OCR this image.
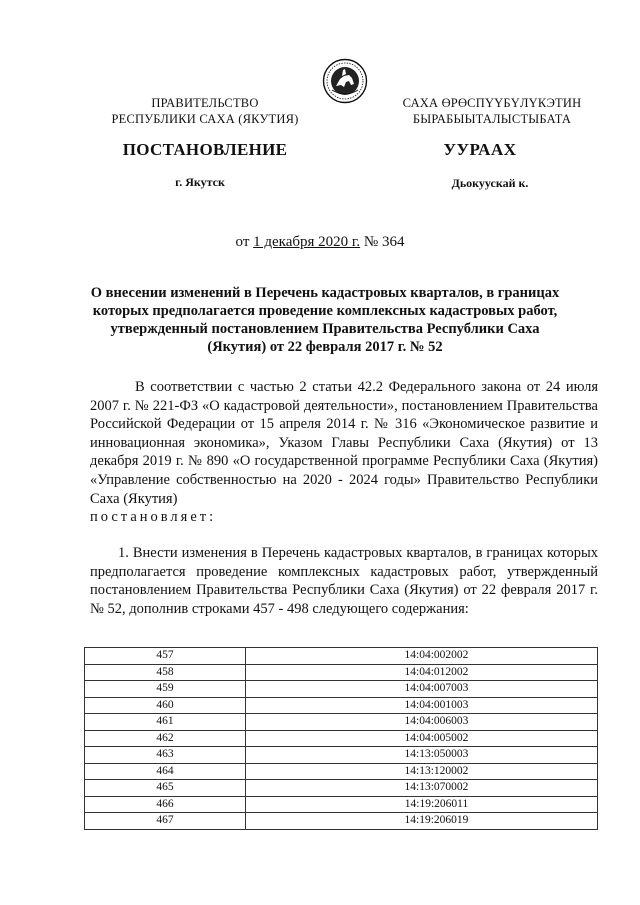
ПРАВИТЕЛЬСТВО
РЕСПУБЛИКИ САХА (ЯКУТИЯ)
САХА ӨРӨСПҮҮБҮЛҮКЭТИН
БЫРАБЫЫТАЛЫСТЫБАТА
ПОСТАНОВЛЕНИЕ	УУРААХ
г. Якутск	Дьокуускай к.
от 1 декабря 2020 г. № 364
О внесении изменений в Перечень кадастровых кварталов, в границах которых предполагается проведение комплексных кадастровых работ, утвержденный постановлением Правительства Республики Саха (Якутия) от 22 февраля 2017 г. № 52

В соответствии с частью 2 статьи 42.2 Федерального закона от 24 июля 2007 г. № 221-ФЗ «О кадастровой деятельности», постановлением Правительства Российской Федерации от 15 апреля 2014 г. № 316 «Экономическое развитие и инновационная экономика», Указом Главы Республики Саха (Якутия) от 13 декабря 2019 г. № 890 «О государственной программе Республики Саха (Якутия) «Управление собственностью на 2020 - 2024 годы» Правительство Республики Саха (Якутия)
постановляет:

1. Внести изменения в Перечень кадастровых кварталов, в границах которых предполагается проведение комплексных кадастровых работ, утвержденный постановлением Правительства Республики Саха (Якутия) от 22 февраля 2017 г. № 52, дополнив строками 457 - 498 следующего содержания:

457	14:04:002002
458	14:04:012002
459	14:04:007003
460	14:04:001003
461	14:04:006003
462	14:04:005002
463	14:13:050003
464	14:13:120002
465	14:13:070002
466	14:19:206011
467	14:19:206019
